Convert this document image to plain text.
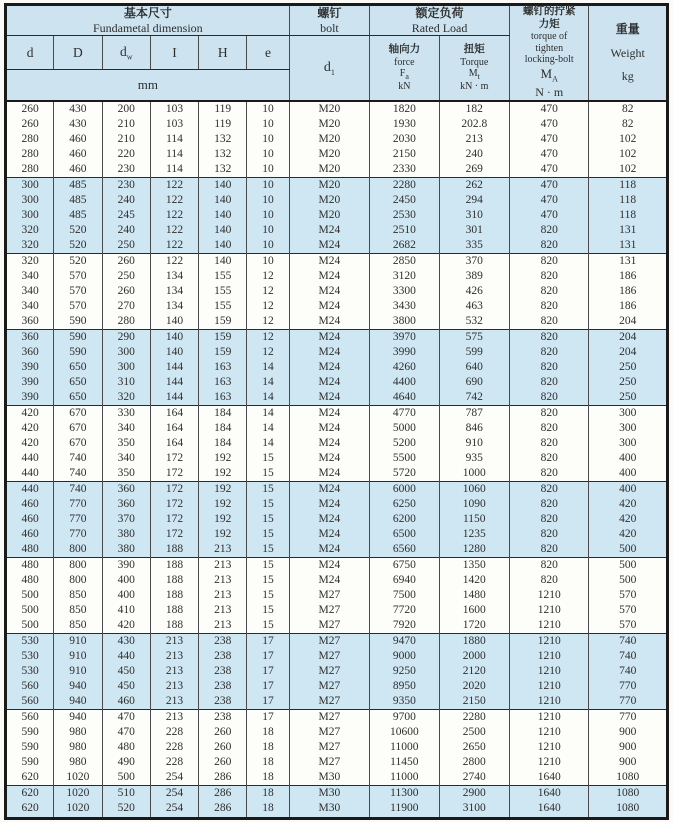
基本尺寸
Fundametal dimension

螺钉
bolt

额定负荷
Rated Load

螺钉的拧紧
力矩
torque of
tighten
locking-bolt
$M_A$
N · m

重量
Weight
kg

d	D	$d_w$	I	H	e	$d_1$	
轴向力
force
$F_a$
kN

扭矩
Torque
$M_t$
kN · m

mm										
260	430	200	103	119	10	M20	1820	182	470	82
260	430	210	103	119	10	M20	1930	202.8	470	82
280	460	210	114	132	10	M20	2030	213	470	102
280	460	220	114	132	10	M20	2150	240	470	102
280	460	230	114	132	10	M20	2330	269	470	102
300	485	230	122	140	10	M20	2280	262	470	118
300	485	240	122	140	10	M20	2450	294	470	118
300	485	245	122	140	10	M20	2530	310	470	118
320	520	240	122	140	10	M24	2510	301	820	131
320	520	250	122	140	10	M24	2682	335	820	131
320	520	260	122	140	10	M24	2850	370	820	131
340	570	250	134	155	12	M24	3120	389	820	186
340	570	260	134	155	12	M24	3300	426	820	186
340	570	270	134	155	12	M24	3430	463	820	186
360	590	280	140	159	12	M24	3800	532	820	204
360	590	290	140	159	12	M24	3970	575	820	204
360	590	300	140	159	12	M24	3990	599	820	204
390	650	300	144	163	14	M24	4260	640	820	250
390	650	310	144	163	14	M24	4400	690	820	250
390	650	320	144	163	14	M24	4640	742	820	250
420	670	330	164	184	14	M24	4770	787	820	300
420	670	340	164	184	14	M24	5000	846	820	300
420	670	350	164	184	14	M24	5200	910	820	300
440	740	340	172	192	15	M24	5500	935	820	400
440	740	350	172	192	15	M24	5720	1000	820	400
440	740	360	172	192	15	M24	6000	1060	820	400
460	770	360	172	192	15	M24	6250	1090	820	420
460	770	370	172	192	15	M24	6200	1150	820	420
460	770	380	172	192	15	M24	6500	1235	820	420
480	800	380	188	213	15	M24	6560	1280	820	500
480	800	390	188	213	15	M24	6750	1350	820	500
480	800	400	188	213	15	M24	6940	1420	820	500
500	850	400	188	213	15	M27	7500	1480	1210	570
500	850	410	188	213	15	M27	7720	1600	1210	570
500	850	420	188	213	15	M27	7920	1720	1210	570
530	910	430	213	238	17	M27	9470	1880	1210	740
530	910	440	213	238	17	M27	9000	2000	1210	740
530	910	450	213	238	17	M27	9250	2120	1210	740
560	940	450	213	238	17	M27	8950	2020	1210	770
560	940	460	213	238	17	M27	9350	2150	1210	770
560	940	470	213	238	17	M27	9700	2280	1210	770
590	980	470	228	260	18	M27	10600	2500	1210	900
590	980	480	228	260	18	M27	11000	2650	1210	900
590	980	490	228	260	18	M27	11450	2800	1210	900
620	1020	500	254	286	18	M30	11000	2740	1640	1080
620	1020	510	254	286	18	M30	11300	2900	1640	1080
620	1020	520	254	286	18	M30	11900	3100	1640	1080
